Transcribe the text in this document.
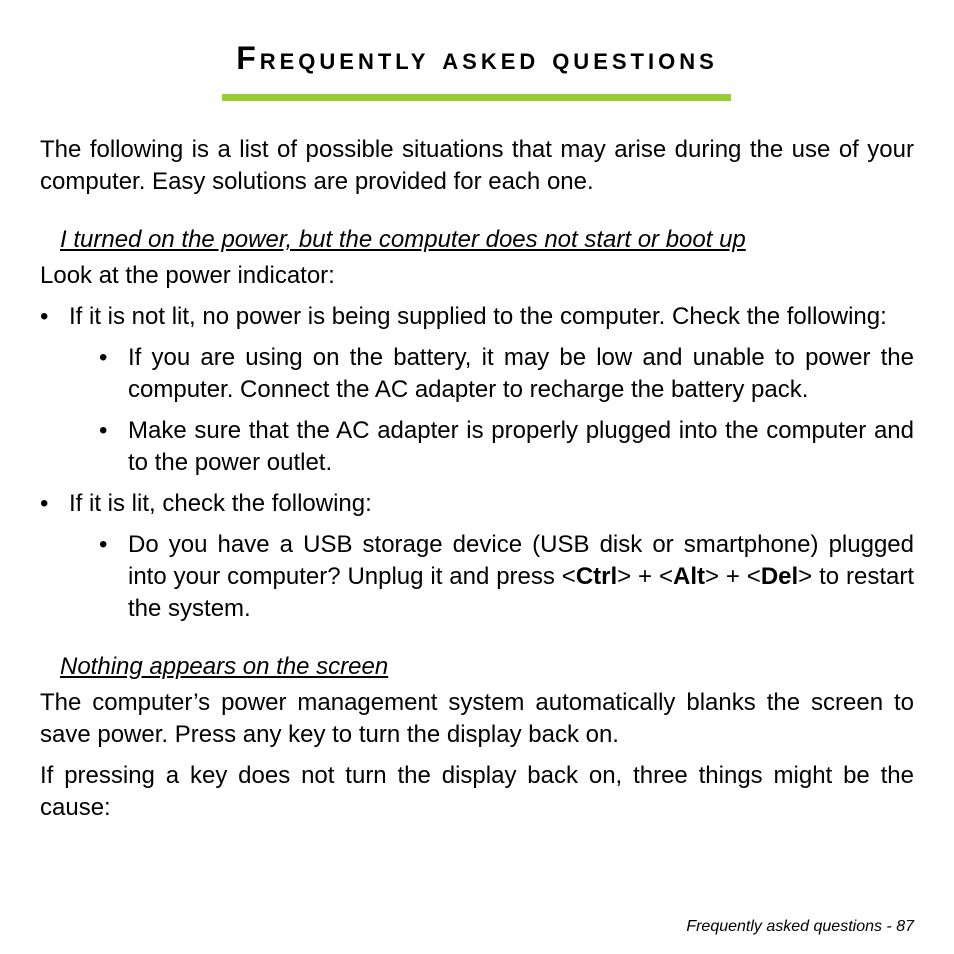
Frequently asked questions

The following is a list of possible situations that may arise during the use of your computer. Easy solutions are provided for each one.

I turned on the power, but the computer does not start or boot up

Look at the power indicator:

• If it is not lit, no power is being supplied to the computer. Check the following:
• If you are using on the battery, it may be low and unable to power the computer. Connect the AC adapter to recharge the battery pack.
• Make sure that the AC adapter is properly plugged into the computer and to the power outlet.
• If it is lit, check the following:
• Do you have a USB storage device (USB disk or smartphone) plugged into your computer? Unplug it and press <Ctrl> + <Alt> + <Del> to restart the system.
Nothing appears on the screen

The computer’s power management system automatically blanks the screen to save power. Press any key to turn the display back on.

If pressing a key does not turn the display back on, three things might be the cause:

Frequently asked questions - 87
